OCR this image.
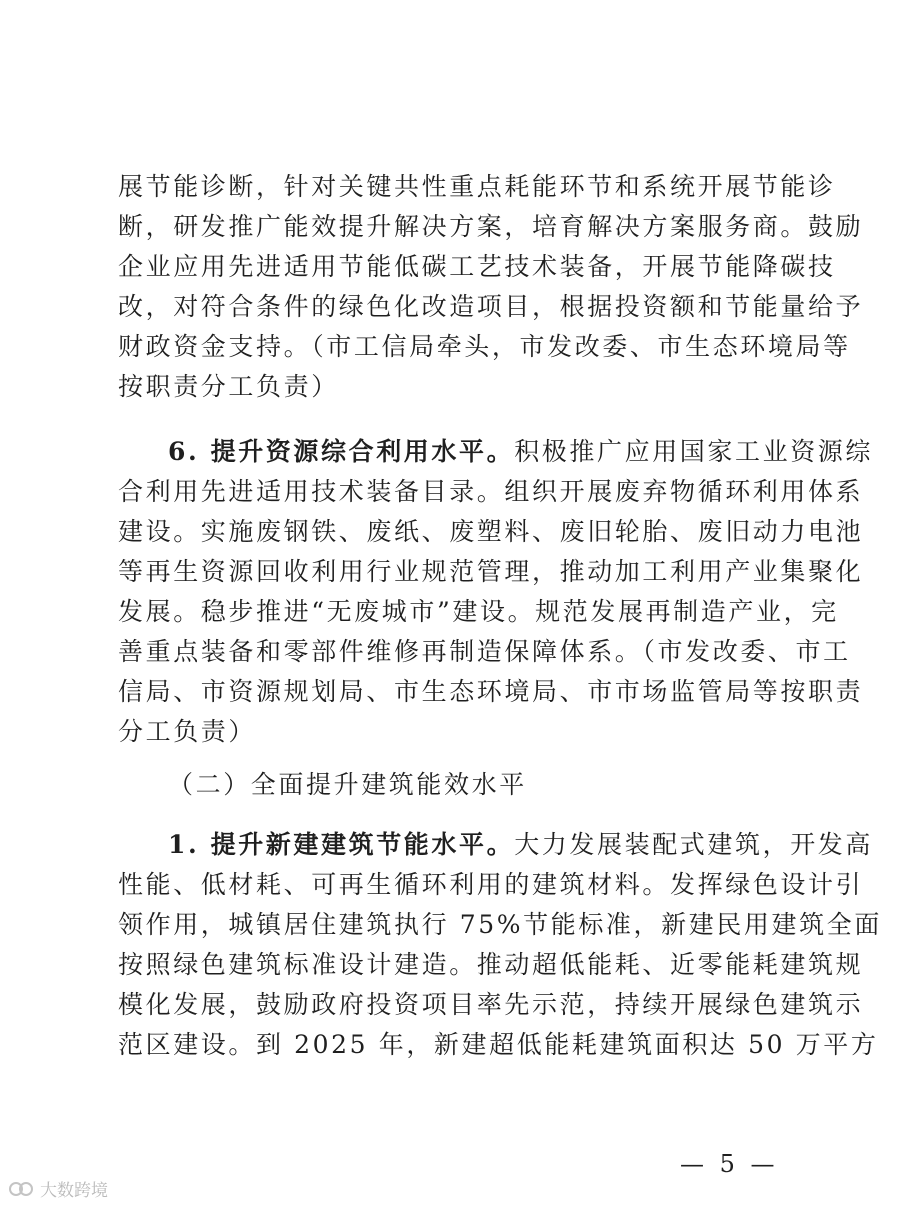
展节能诊断，针对关键共性重点耗能环节和系统开展节能诊
断，研发推广能效提升解决方案，培育解决方案服务商。鼓励
企业应用先进适用节能低碳工艺技术装备，开展节能降碳技
改，对符合条件的绿色化改造项目，根据投资额和节能量给予
财政资金支持。（市工信局牵头，市发改委、市生态环境局等
按职责分工负责）
6. 提升资源综合利用水平。积极推广应用国家工业资源综
合利用先进适用技术装备目录。组织开展废弃物循环利用体系
建设。实施废钢铁、废纸、废塑料、废旧轮胎、废旧动力电池
等再生资源回收利用行业规范管理，推动加工利用产业集聚化
发展。稳步推进“无废城市”建设。规范发展再制造产业，完
善重点装备和零部件维修再制造保障体系。（市发改委、市工
信局、市资源规划局、市生态环境局、市市场监管局等按职责
分工负责）
（二）全面提升建筑能效水平
1. 提升新建建筑节能水平。大力发展装配式建筑，开发高
性能、低材耗、可再生循环利用的建筑材料。发挥绿色设计引
领作用，城镇居住建筑执行 75%节能标准，新建民用建筑全面
按照绿色建筑标准设计建造。推动超低能耗、近零能耗建筑规
模化发展，鼓励政府投资项目率先示范，持续开展绿色建筑示
范区建设。到 2025 年，新建超低能耗建筑面积达 50 万平方
— 5 —
大数跨境
